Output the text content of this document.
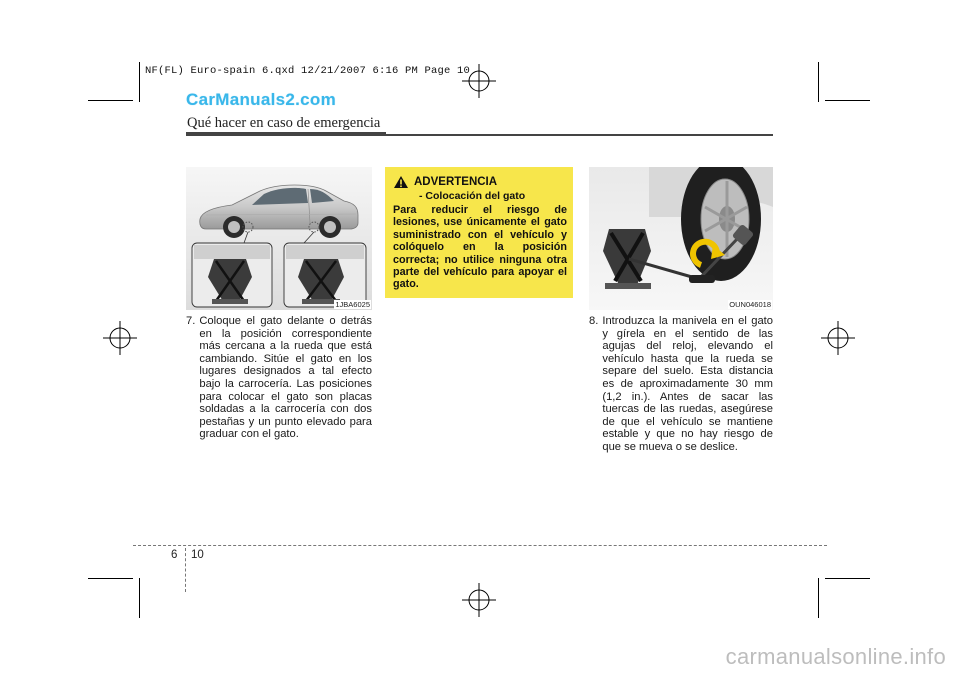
NF(FL) Euro-spain 6.qxd 12/21/2007 6:16 PM Page 10
CarManuals2.com
Qué hacer en caso de emergencia
1JBA6025
7. Coloque el gato delante o detrás en la posición correspondiente más cercana a la rueda que está cambiando. Sitúe el gato en los lugares designados a tal efecto bajo la carrocería. Las posiciones para colocar el gato son placas soldadas a la carrocería con dos pestañas y un punto elevado para graduar con el gato.
ADVERTENCIA
- Colocación del gato
Para reducir el riesgo de lesiones, use únicamente el gato suministrado con el vehículo y colóquelo en la posición correcta; no utilice ninguna otra parte del vehículo para apoyar el gato.
OUN046018
8. Introduzca la manivela en el gato y gírela en el sentido de las agujas del reloj, elevando el vehículo hasta que la rueda se separe del suelo. Esta distancia es de aproximadamente 30 mm (1,2 in.). Antes de sacar las tuercas de las ruedas, asegúrese de que el vehículo se mantiene estable y que no hay riesgo de que se mueva o se deslice.
6 10
carmanualsonline.info
